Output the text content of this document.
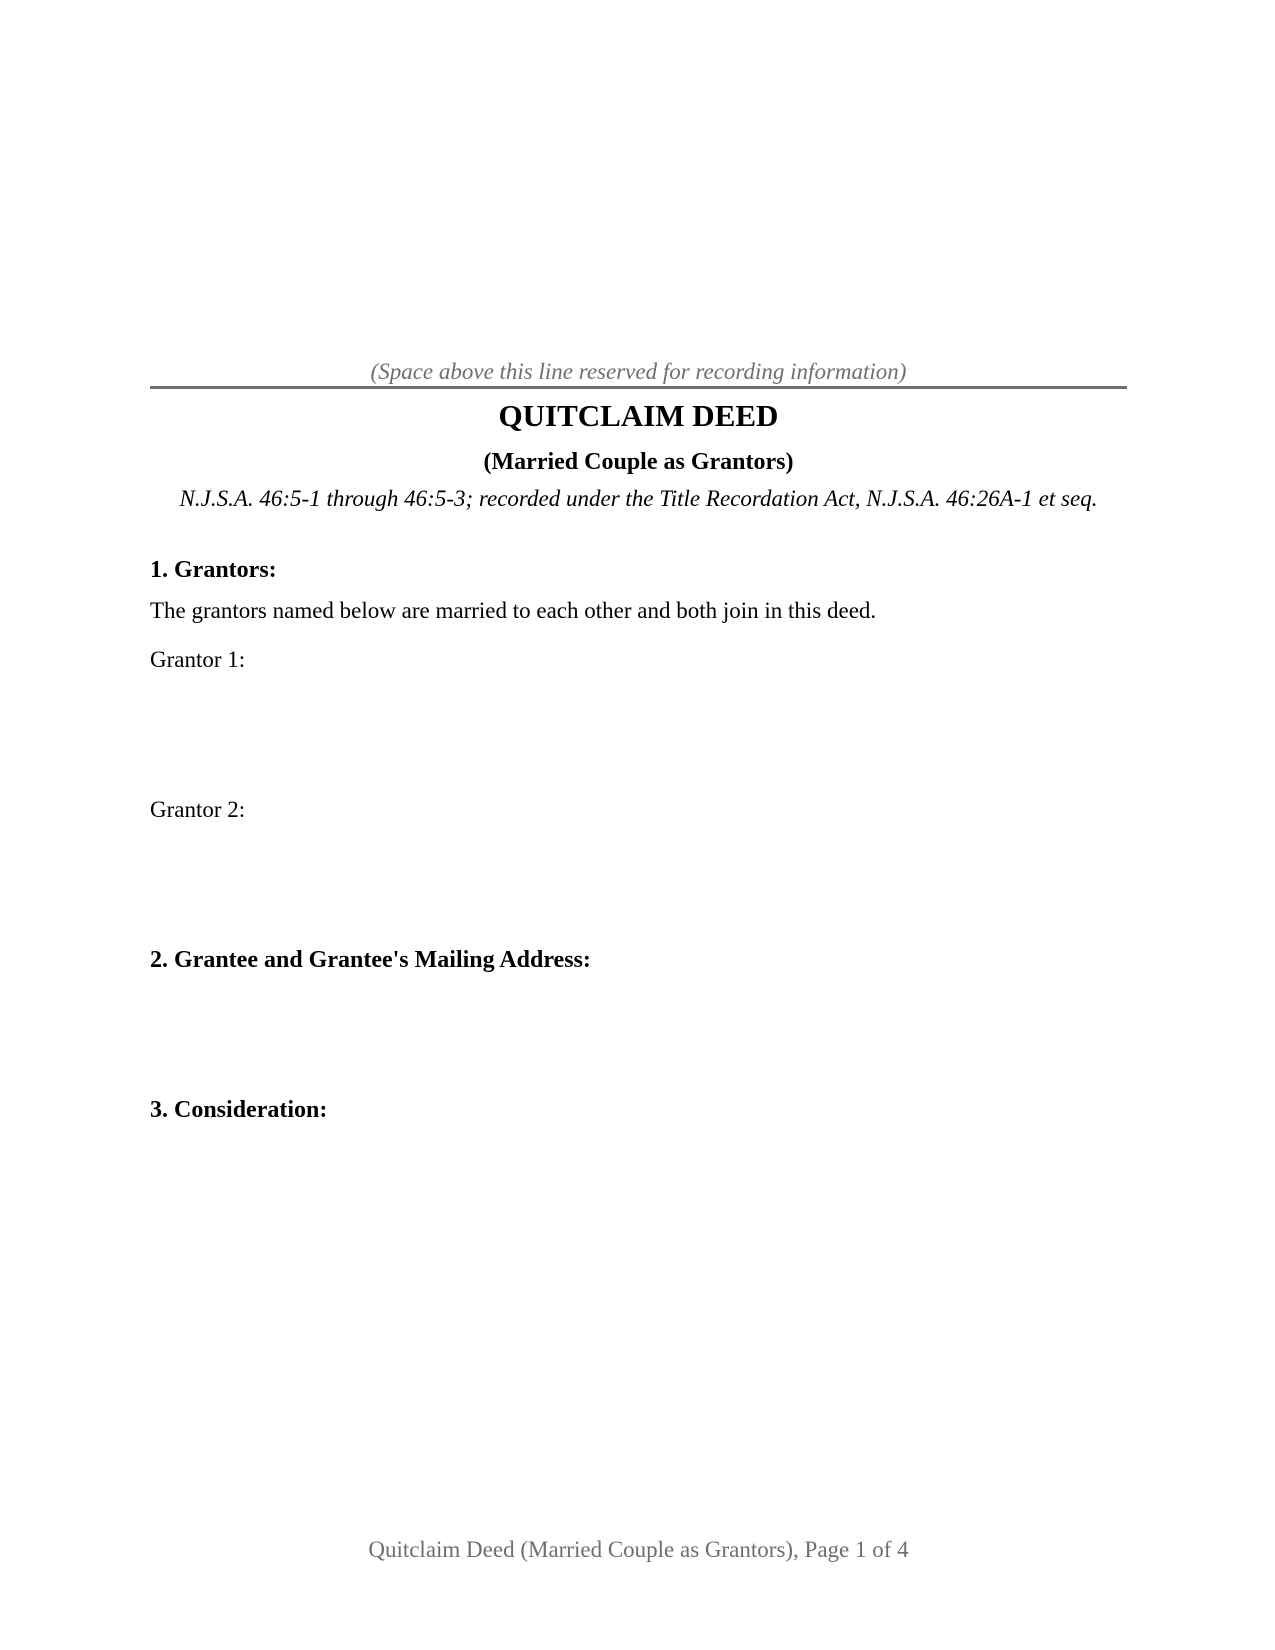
(Space above this line reserved for recording information)
QUITCLAIM DEED
(Married Couple as Grantors)
N.J.S.A. 46:5-1 through 46:5-3; recorded under the Title Recordation Act, N.J.S.A. 46:26A-1 et seq.
1. Grantors:
The grantors named below are married to each other and both join in this deed.
Grantor 1:
Grantor 2:
2. Grantee and Grantee's Mailing Address:
3. Consideration:
Quitclaim Deed (Married Couple as Grantors), Page 1 of 4
